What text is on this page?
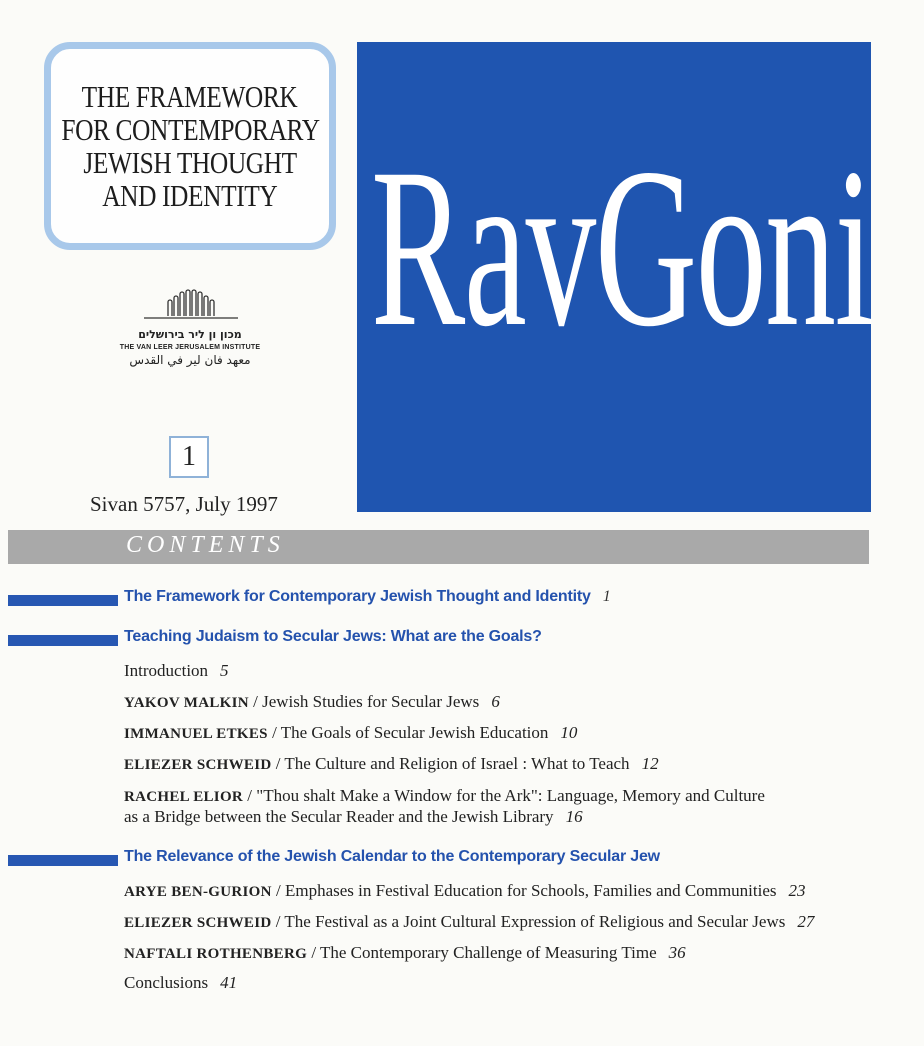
THE FRAMEWORK
FOR CONTEMPORARY
JEWISH THOUGHT
AND IDENTITY
מכון ון ליר בירושלים
THE VAN LEER JERUSALEM INSTITUTE
معهد فان لير في القدس
1
Sivan 5757, July 1997
RavGoni
CONTENTS
The Framework for Contemporary Jewish Thought and Identity 1
Teaching Judaism to Secular Jews: What are the Goals?
Introduction 5
YAKOV MALKIN / Jewish Studies for Secular Jews 6
IMMANUEL ETKES / The Goals of Secular Jewish Education 10
ELIEZER SCHWEID / The Culture and Religion of Israel : What to Teach 12
RACHEL ELIOR / "Thou shalt Make a Window for the Ark": Language, Memory and Culture
as a Bridge between the Secular Reader and the Jewish Library 16
The Relevance of the Jewish Calendar to the Contemporary Secular Jew
ARYE BEN-GURION / Emphases in Festival Education for Schools, Families and Communities 23
ELIEZER SCHWEID / The Festival as a Joint Cultural Expression of Religious and Secular Jews 27
NAFTALI ROTHENBERG / The Contemporary Challenge of Measuring Time 36
Conclusions 41
